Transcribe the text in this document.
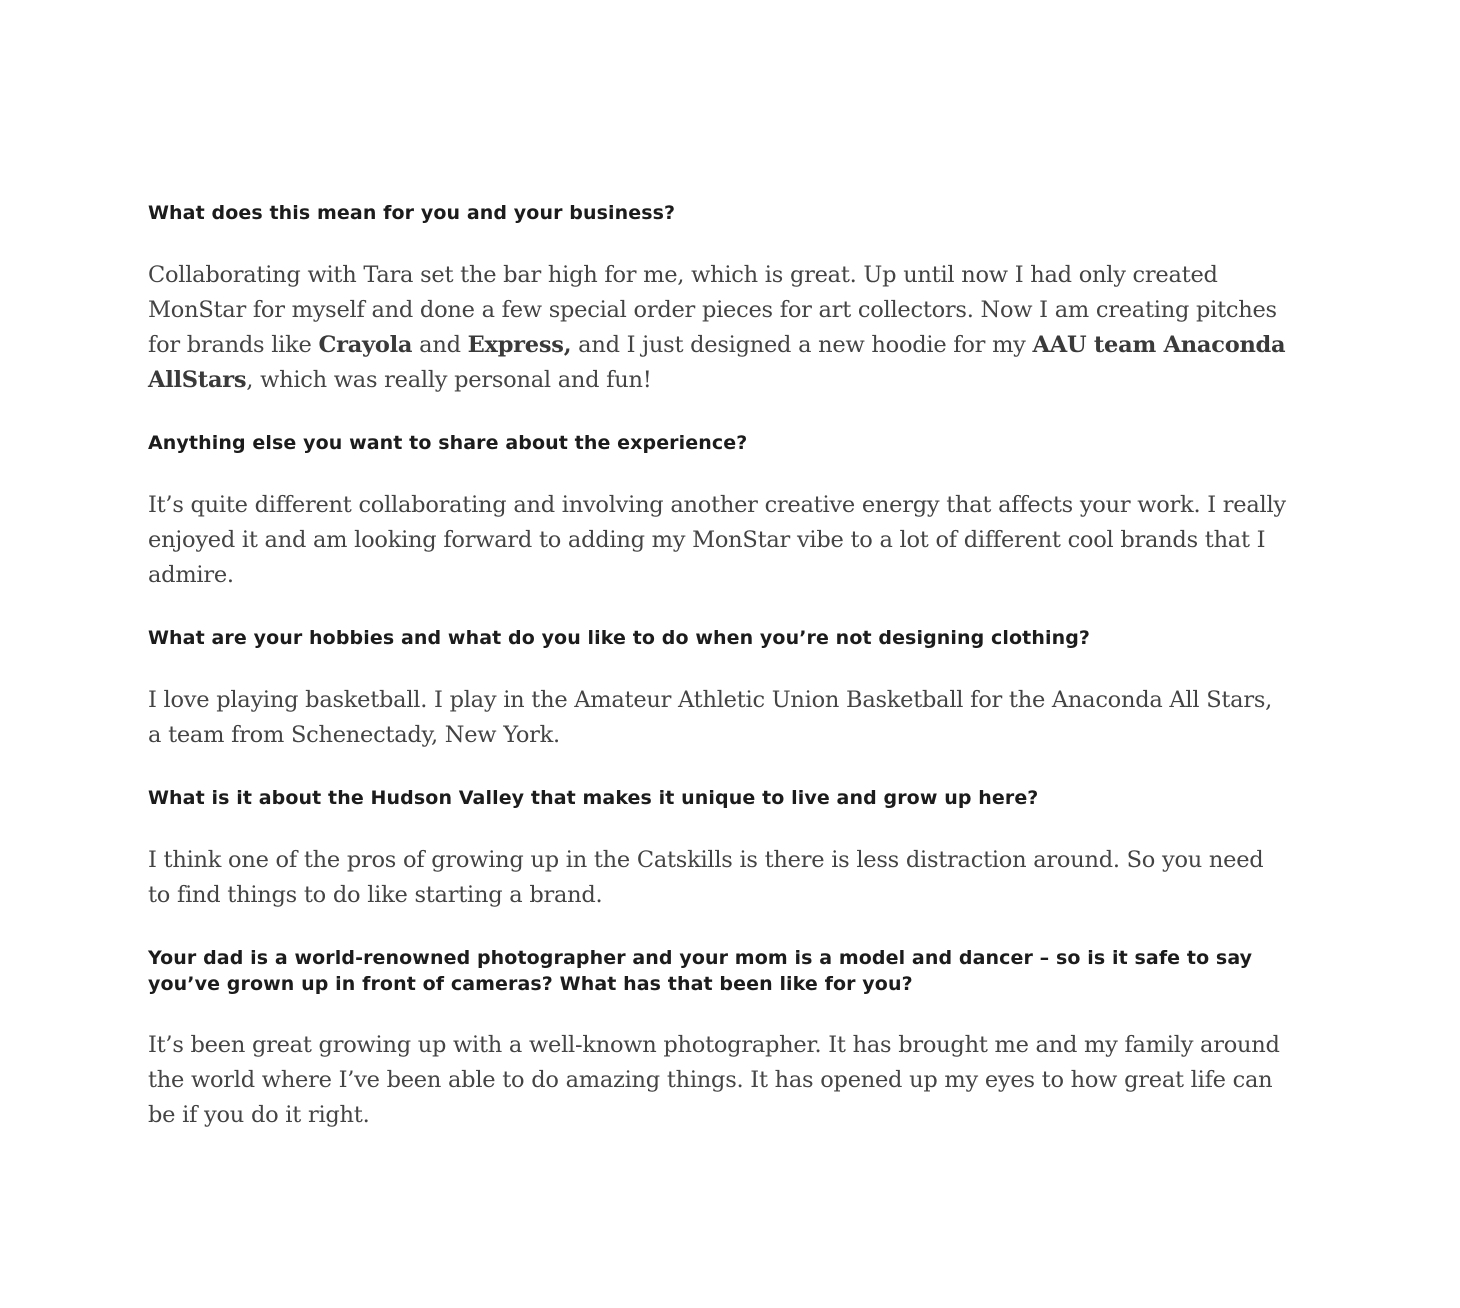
What does this mean for you and your business?

Collaborating with Tara set the bar high for me, which is great. Up until now I had only created MonStar for myself and done a few special order pieces for art collectors. Now I am creating pitches for brands like Crayola and Express, and I just designed a new hoodie for my AAU team Anaconda AllStars, which was really personal and fun!

Anything else you want to share about the experience?

It’s quite different collaborating and involving another creative energy that affects your work. I really enjoyed it and am looking forward to adding my MonStar vibe to a lot of different cool brands that I admire.

What are your hobbies and what do you like to do when you’re not designing clothing?

I love playing basketball. I play in the Amateur Athletic Union Basketball for the Anaconda All Stars, a team from Schenectady, New York.

What is it about the Hudson Valley that makes it unique to live and grow up here?

I think one of the pros of growing up in the Catskills is there is less distraction around. So you need to find things to do like starting a brand.

Your dad is a world-renowned photographer and your mom is a model and dancer – so is it safe to say you’ve grown up in front of cameras? What has that been like for you?

It’s been great growing up with a well-known photographer. It has brought me and my family around the world where I’ve been able to do amazing things. It has opened up my eyes to how great life can be if you do it right.
